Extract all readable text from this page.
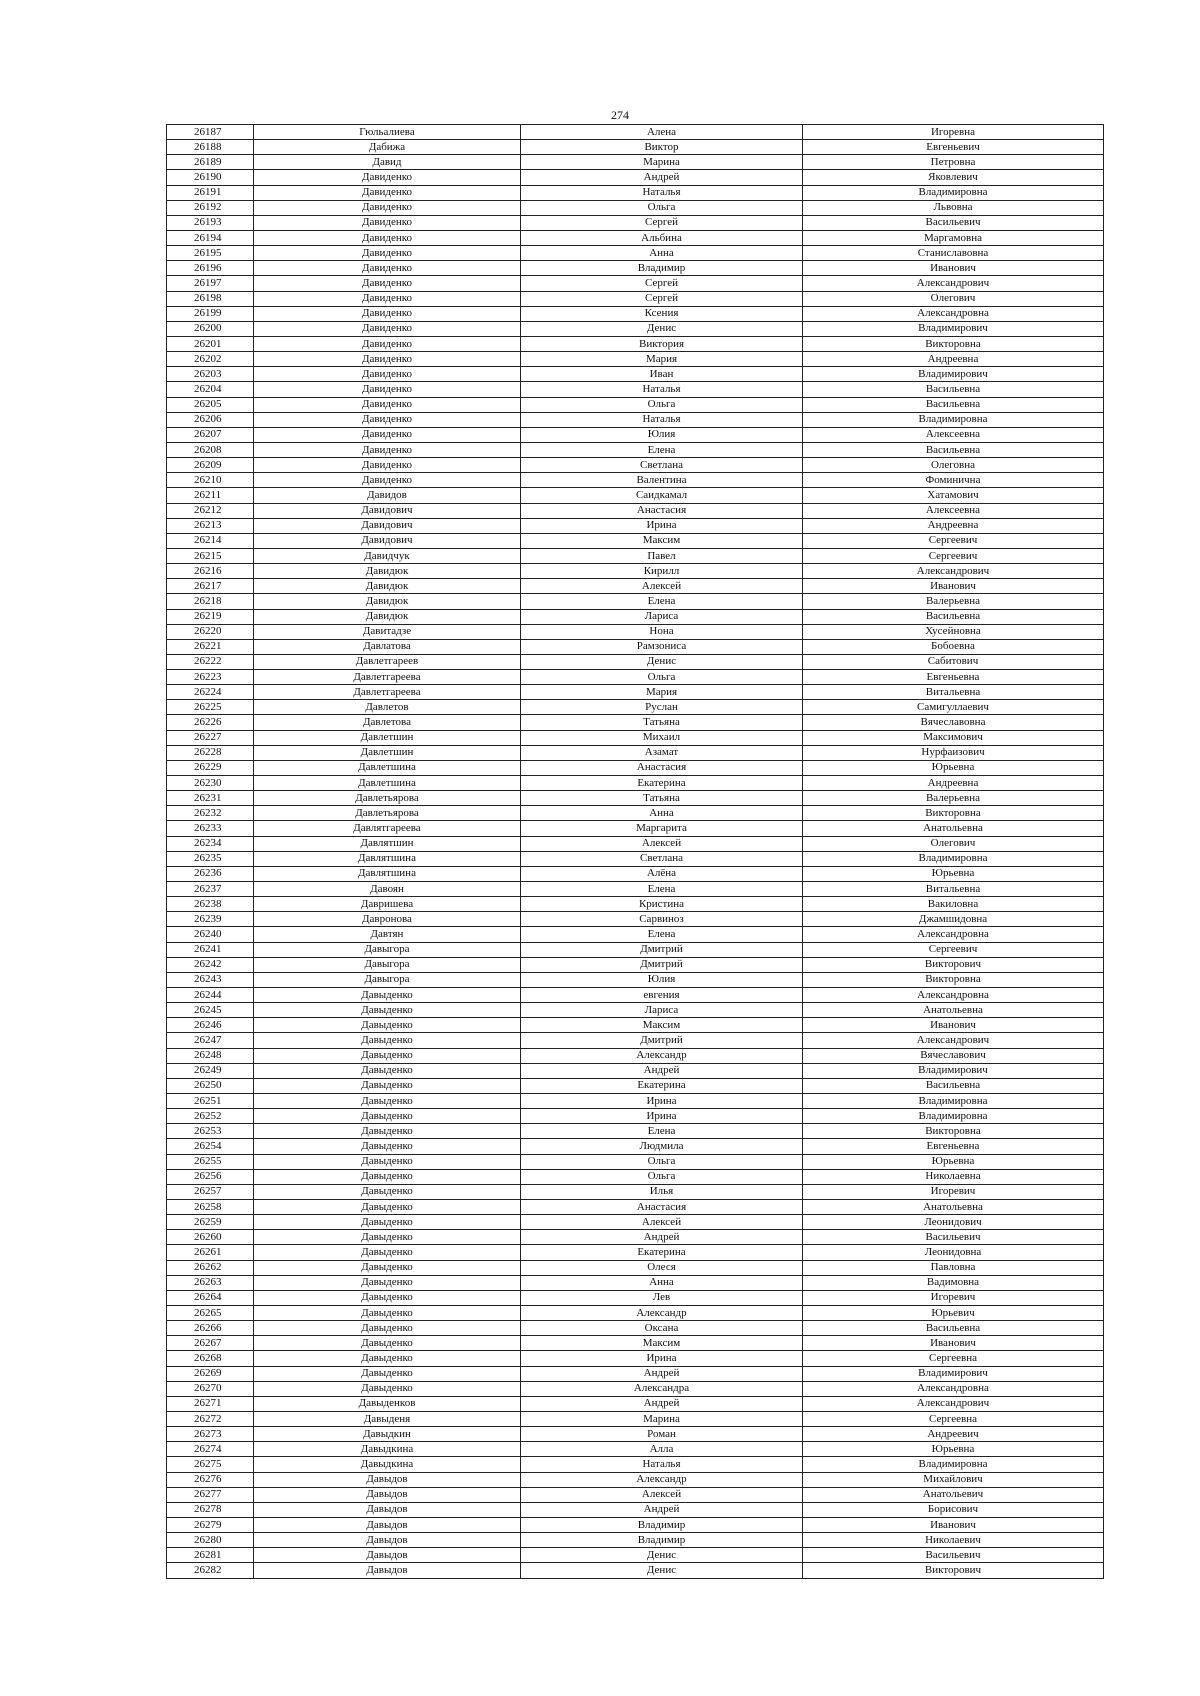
274
26187	Гюльалиева	Алена	Игоревна
26188	Дабижа	Виктор	Евгеньевич
26189	Давид	Марина	Петровна
26190	Давиденко	Андрей	Яковлевич
26191	Давиденко	Наталья	Владимировна
26192	Давиденко	Ольга	Львовна
26193	Давиденко	Сергей	Васильевич
26194	Давиденко	Альбина	Маргамовна
26195	Давиденко	Анна	Станиславовна
26196	Давиденко	Владимир	Иванович
26197	Давиденко	Сергей	Александрович
26198	Давиденко	Сергей	Олегович
26199	Давиденко	Ксения	Александровна
26200	Давиденко	Денис	Владимирович
26201	Давиденко	Виктория	Викторовна
26202	Давиденко	Мария	Андреевна
26203	Давиденко	Иван	Владимирович
26204	Давиденко	Наталья	Васильевна
26205	Давиденко	Ольга	Васильевна
26206	Давиденко	Наталья	Владимировна
26207	Давиденко	Юлия	Алексеевна
26208	Давиденко	Елена	Васильевна
26209	Давиденко	Светлана	Олеговна
26210	Давиденко	Валентина	Фоминична
26211	Давидов	Саидкамал	Хатамович
26212	Давидович	Анастасия	Алексеевна
26213	Давидович	Ирина	Андреевна
26214	Давидович	Максим	Сергеевич
26215	Давидчук	Павел	Сергеевич
26216	Давидюк	Кирилл	Александрович
26217	Давидюк	Алексей	Иванович
26218	Давидюк	Елена	Валерьевна
26219	Давидюк	Лариса	Васильевна
26220	Давитадзе	Нона	Хусейновна
26221	Давлатова	Рамзониса	Бобоевна
26222	Давлетгареев	Денис	Сабитович
26223	Давлетгареева	Ольга	Евгеньевна
26224	Давлетгареева	Мария	Витальевна
26225	Давлетов	Руслан	Самигуллаевич
26226	Давлетова	Татьяна	Вячеславовна
26227	Давлетшин	Михаил	Максимович
26228	Давлетшин	Азамат	Нурфаизович
26229	Давлетшина	Анастасия	Юрьевна
26230	Давлетшина	Екатерина	Андреевна
26231	Давлетьярова	Татьяна	Валерьевна
26232	Давлетьярова	Анна	Викторовна
26233	Давлятгареева	Маргарита	Анатольевна
26234	Давлятшин	Алексей	Олегович
26235	Давлятшина	Светлана	Владимировна
26236	Давлятшина	Алёна	Юрьевна
26237	Давоян	Елена	Витальевна
26238	Давришева	Кристина	Вакиловна
26239	Давронова	Сарвиноз	Джамшидовна
26240	Давтян	Елена	Александровна
26241	Давыгора	Дмитрий	Сергеевич
26242	Давыгора	Дмитрий	Викторович
26243	Давыгора	Юлия	Викторовна
26244	Давыденко	евгения	Александровна
26245	Давыденко	Лариса	Анатольевна
26246	Давыденко	Максим	Иванович
26247	Давыденко	Дмитрий	Александрович
26248	Давыденко	Александр	Вячеславович
26249	Давыденко	Андрей	Владимирович
26250	Давыденко	Екатерина	Васильевна
26251	Давыденко	Ирина	Владимировна
26252	Давыденко	Ирина	Владимировна
26253	Давыденко	Елена	Викторовна
26254	Давыденко	Людмила	Евгеньевна
26255	Давыденко	Ольга	Юрьевна
26256	Давыденко	Ольга	Николаевна
26257	Давыденко	Илья	Игоревич
26258	Давыденко	Анастасия	Анатольевна
26259	Давыденко	Алексей	Леонидович
26260	Давыденко	Андрей	Васильевич
26261	Давыденко	Екатерина	Леонидовна
26262	Давыденко	Олеся	Павловна
26263	Давыденко	Анна	Вадимовна
26264	Давыденко	Лев	Игоревич
26265	Давыденко	Александр	Юрьевич
26266	Давыденко	Оксана	Васильевна
26267	Давыденко	Максим	Иванович
26268	Давыденко	Ирина	Сергеевна
26269	Давыденко	Андрей	Владимирович
26270	Давыденко	Александра	Александровна
26271	Давыденков	Андрей	Александрович
26272	Давыденя	Марина	Сергеевна
26273	Давыдкин	Роман	Андреевич
26274	Давыдкина	Алла	Юрьевна
26275	Давыдкина	Наталья	Владимировна
26276	Давыдов	Александр	Михайлович
26277	Давыдов	Алексей	Анатольевич
26278	Давыдов	Андрей	Борисович
26279	Давыдов	Владимир	Иванович
26280	Давыдов	Владимир	Николаевич
26281	Давыдов	Денис	Васильевич
26282	Давыдов	Денис	Викторович
